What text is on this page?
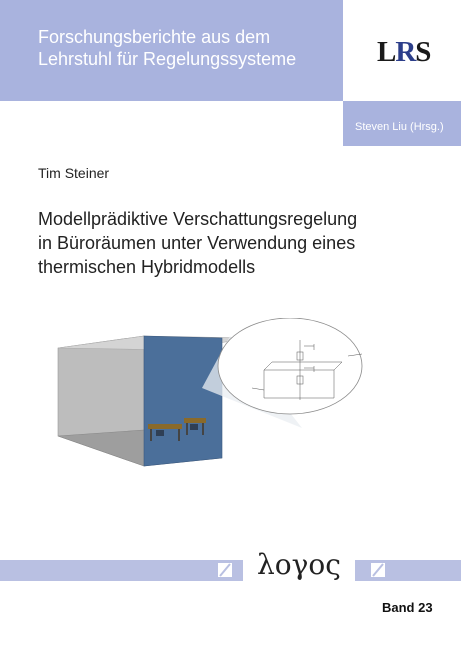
Forschungsberichte aus dem
Lehrstuhl für Regelungssysteme	LRS
Steven Liu (Hrsg.)
Tim Steiner
Modellprädiktive Verschattungsregelung
in Büroräumen unter Verwendung eines
thermischen Hybridmodells
λογος
Band 23
